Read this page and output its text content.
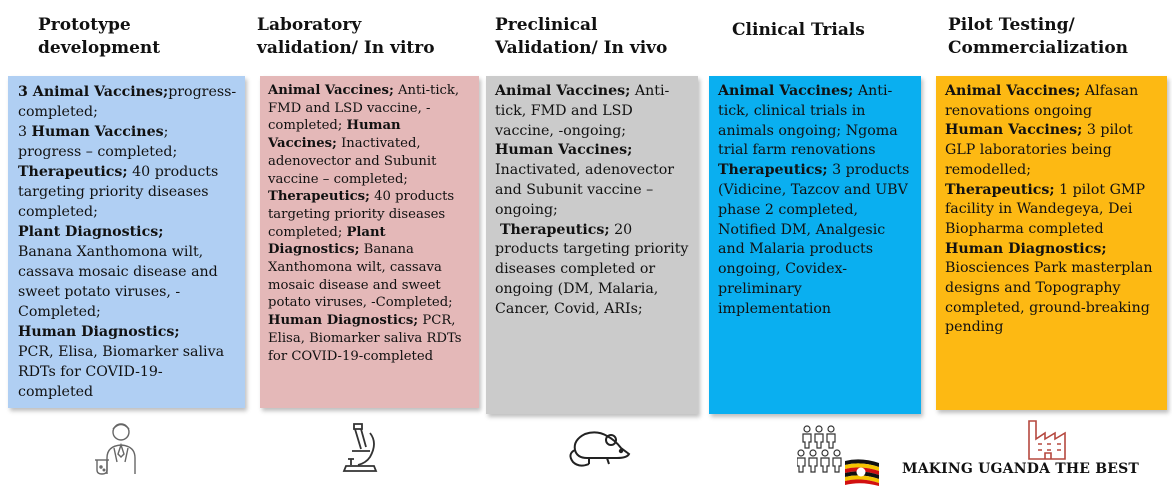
Prototype
development
Laboratory
validation/ In vitro
Preclinical
Validation/ In vivo
Clinical Trials	Pilot Testing/
Commercialization
3 Animal Vaccines;progress-completed;
3 Human Vaccines;
progress – completed;
Therapeutics; 40 products targeting priority diseases completed;
Plant Diagnostics;
Banana Xanthomona wilt, cassava mosaic disease and sweet potato viruses, - Completed;
Human Diagnostics;
PCR, Elisa, Biomarker saliva RDTs for COVID-19- completed
Animal Vaccines; Anti-tick, FMD and LSD vaccine, -completed; Human Vaccines; Inactivated, adenovector and Subunit vaccine – completed;
Therapeutics; 40 products targeting priority diseases completed; Plant Diagnostics; Banana Xanthomona wilt, cassava mosaic disease and sweet potato viruses, -Completed;
Human Diagnostics; PCR, Elisa, Biomarker saliva RDTs for COVID-19-completed
Animal Vaccines; Anti-tick, FMD and LSD vaccine, -ongoing;
Human Vaccines;
Inactivated, adenovector and Subunit vaccine – ongoing;
Therapeutics; 20 products targeting priority diseases completed or ongoing (DM, Malaria, Cancer, Covid, ARIs;
Animal Vaccines; Anti-tick, clinical trials in animals ongoing; Ngoma trial farm renovations
Therapeutics; 3 products (Vidicine, Tazcov and UBV phase 2 completed, Notified DM, Analgesic and Malaria products ongoing, Covidex- preliminary implementation
Animal Vaccines; Alfasan renovations ongoing
Human Vaccines; 3 pilot GLP laboratories being remodelled;
Therapeutics; 1 pilot GMP facility in Wandegeya, Dei Biopharma completed
Human Diagnostics;
Biosciences Park masterplan designs and Topography completed, ground-breaking pending
MAKING UGANDA THE BEST
